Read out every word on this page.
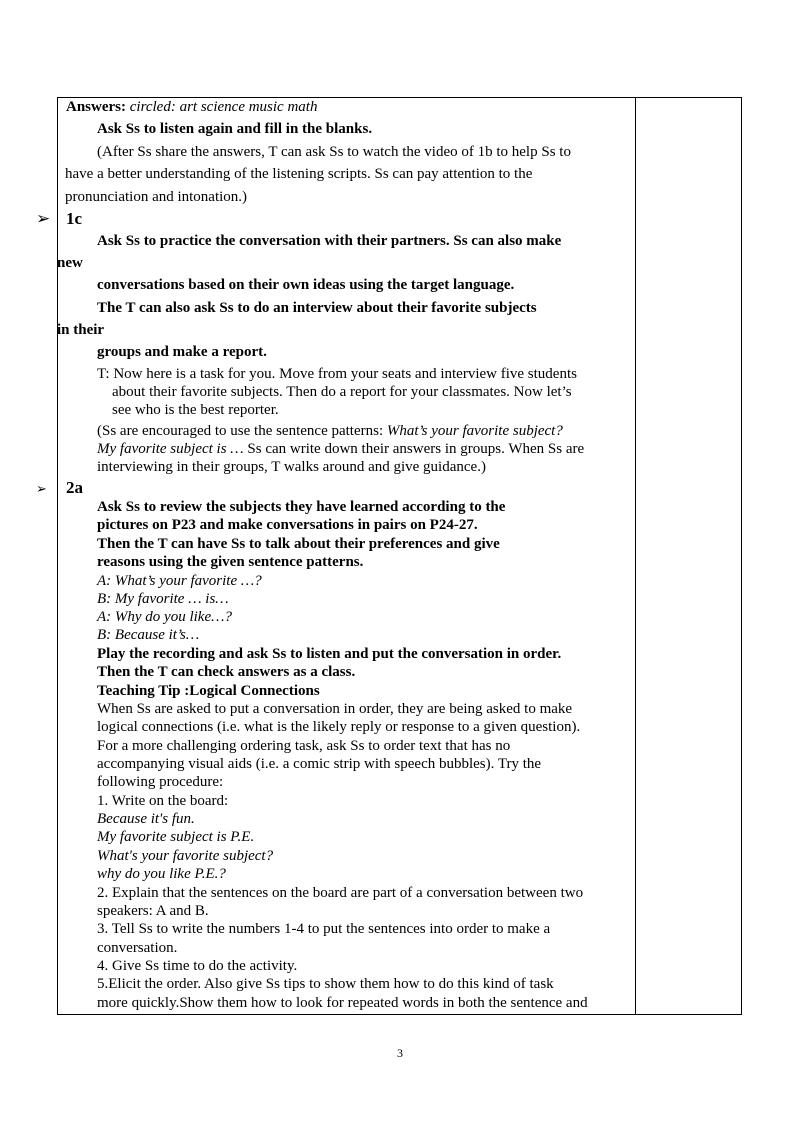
➢
➢
Answers: circled: art science music math
Ask Ss to listen again and fill in the blanks.
(After Ss share the answers, T can ask Ss to watch the video of 1b to help Ss to
have a better understanding of the listening scripts. Ss can pay attention to the
pronunciation and intonation.)
1c
Ask Ss to practice the conversation with their partners. Ss can also make
new
conversations based on their own ideas using the target language.
The T can also ask Ss to do an interview about their favorite subjects
in their
groups and make a report.
T: Now here is a task for you. Move from your seats and interview five students
about their favorite subjects. Then do a report for your classmates. Now let’s
see who is the best reporter.
(Ss are encouraged to use the sentence patterns: What’s your favorite subject?
My favorite subject is … Ss can write down their answers in groups. When Ss are
interviewing in their groups, T walks around and give guidance.)
2a
Ask Ss to review the subjects they have learned according to the
pictures on P23 and make conversations in pairs on P24-27.
Then the T can have Ss to talk about their preferences and give
reasons using the given sentence patterns.
A: What’s your favorite …?
B: My favorite … is…
A: Why do you like…?
B: Because it’s…
Play the recording and ask Ss to listen and put the conversation in order.
Then the T can check answers as a class.
Teaching Tip :Logical Connections
When Ss are asked to put a conversation in order, they are being asked to make
logical connections (i.e. what is the likely reply or response to a given question).
For a more challenging ordering task, ask Ss to order text that has no
accompanying visual aids (i.e. a comic strip with speech bubbles). Try the
following procedure:
1. Write on the board:
Because it's fun.
My favorite subject is P.E.
What's your favorite subject?
why do you like P.E.?
2. Explain that the sentences on the board are part of a conversation between two
speakers: A and B.
3. Tell Ss to write the numbers 1-4 to put the sentences into order to make a
conversation.
4. Give Ss time to do the activity.
5.Elicit the order. Also give Ss tips to show them how to do this kind of task
more quickly.Show them how to look for repeated words in both the sentence and
3
